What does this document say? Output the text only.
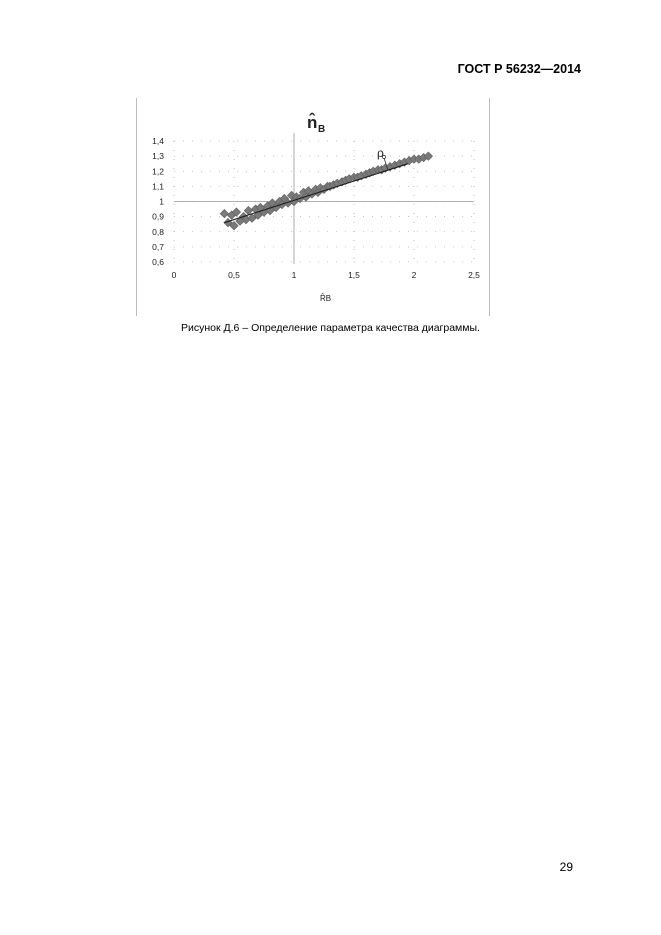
ГОСТ Р 56232—2014
0	0,5	1	1,5	2	2,5
0,6
0,7
0,8
0,9
1
1,1
1,2
1,3
1,4
n̂ B
R̂B
ρ
Рисунок Д.6 – Определение параметра качества диаграммы.
29
